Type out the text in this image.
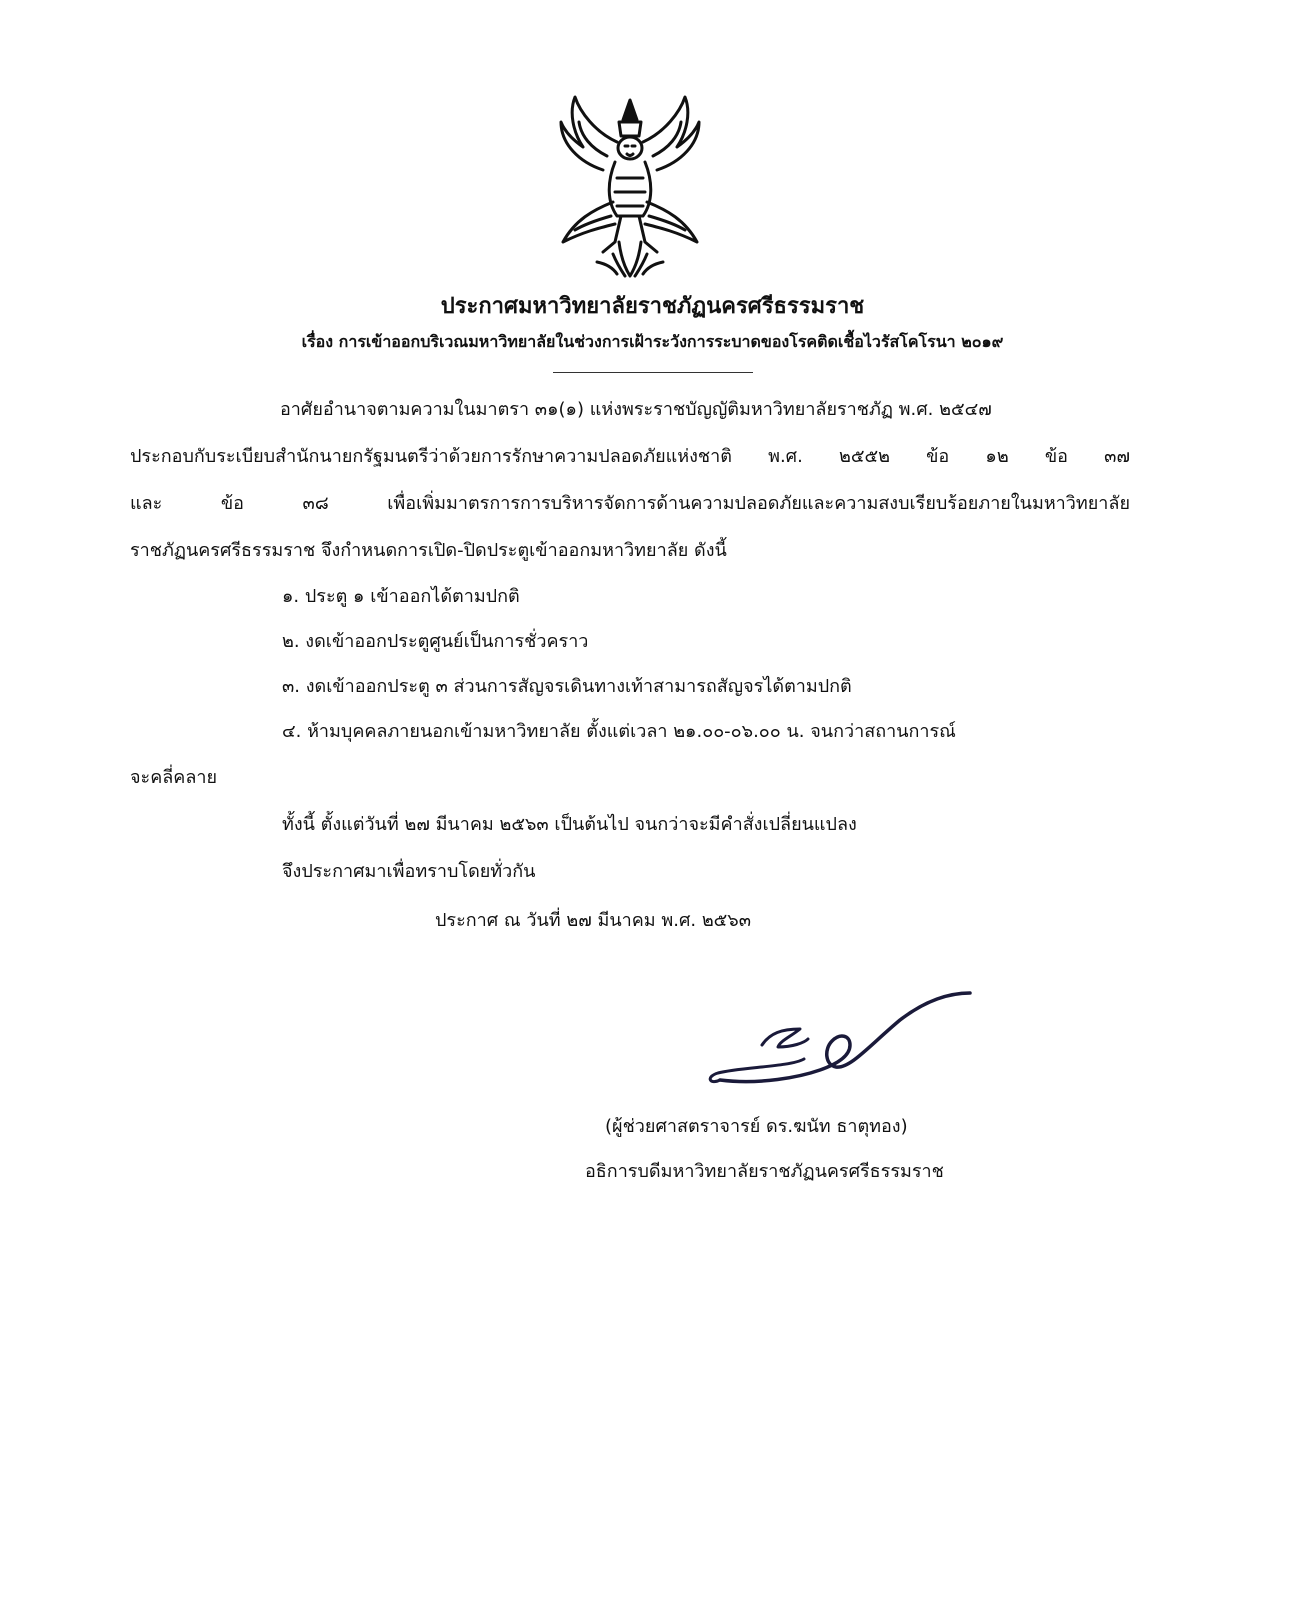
ประกาศมหาวิทยาลัยราชภัฏนครศรีธรรมราช
เรื่อง การเข้าออกบริเวณมหาวิทยาลัยในช่วงการเฝ้าระวังการระบาดของโรคติดเชื้อไวรัสโคโรนา ๒๐๑๙
อาศัยอำนาจตามความในมาตรา ๓๑(๑) แห่งพระราชบัญญัติมหาวิทยาลัยราชภัฏ พ.ศ. ๒๕๔๗
ประกอบกับระเบียบสำนักนายกรัฐมนตรีว่าด้วยการรักษาความปลอดภัยแห่งชาติ พ.ศ. ๒๕๕๒ ข้อ ๑๒ ข้อ ๓๗
และ ข้อ ๓๘ เพื่อเพิ่มมาตรการการบริหารจัดการด้านความปลอดภัยและความสงบเรียบร้อยภายในมหาวิทยาลัย
ราชภัฏนครศรีธรรมราช จึงกำหนดการเปิด-ปิดประตูเข้าออกมหาวิทยาลัย ดังนี้
๑. ประตู ๑ เข้าออกได้ตามปกติ
๒. งดเข้าออกประตูศูนย์เป็นการชั่วคราว
๓. งดเข้าออกประตู ๓ ส่วนการสัญจรเดินทางเท้าสามารถสัญจรได้ตามปกติ
๔. ห้ามบุคคลภายนอกเข้ามหาวิทยาลัย ตั้งแต่เวลา ๒๑.๐๐-๐๖.๐๐ น. จนกว่าสถานการณ์
จะคลี่คลาย
ทั้งนี้ ตั้งแต่วันที่ ๒๗ มีนาคม ๒๕๖๓ เป็นต้นไป จนกว่าจะมีคำสั่งเปลี่ยนแปลง
จึงประกาศมาเพื่อทราบโดยทั่วกัน
ประกาศ ณ วันที่ ๒๗ มีนาคม พ.ศ. ๒๕๖๓
(ผู้ช่วยศาสตราจารย์ ดร.ฆนัท ธาตุทอง)
อธิการบดีมหาวิทยาลัยราชภัฏนครศรีธรรมราช
